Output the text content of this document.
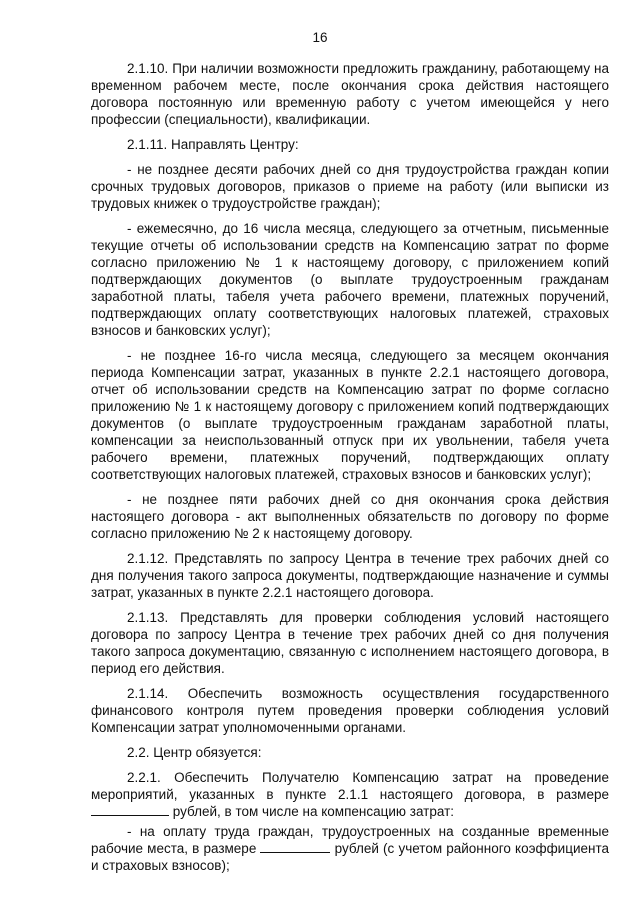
16

2.1.10. При наличии возможности предложить гражданину, работающему на временном рабочем месте, после окончания срока действия настоящего договора постоянную или временную работу с учетом имеющейся у него профессии (специальности), квалификации.

2.1.11. Направлять Центру:

- не позднее десяти рабочих дней со дня трудоустройства граждан копии срочных трудовых договоров, приказов о приеме на работу (или выписки из трудовых книжек о трудоустройстве граждан);

- ежемесячно, до 16 числа месяца, следующего за отчетным, письменные текущие отчеты об использовании средств на Компенсацию затрат по форме согласно приложению № 1 к настоящему договору, с приложением копий подтверждающих документов (о выплате трудоустроенным гражданам заработной платы, табеля учета рабочего времени, платежных поручений, подтверждающих оплату соответствующих налоговых платежей, страховых взносов и банковских услуг);

- не позднее 16-го числа месяца, следующего за месяцем окончания периода Компенсации затрат, указанных в пункте 2.2.1 настоящего договора, отчет об использовании средств на Компенсацию затрат по форме согласно приложению № 1 к настоящему договору с приложением копий подтверждающих документов (о выплате трудоустроенным гражданам заработной платы, компенсации за неиспользованный отпуск при их увольнении, табеля учета рабочего времени, платежных поручений, подтверждающих оплату соответствующих налоговых платежей, страховых взносов и банковских услуг);

- не позднее пяти рабочих дней со дня окончания срока действия настоящего договора - акт выполненных обязательств по договору по форме согласно приложению № 2 к настоящему договору.

2.1.12. Представлять по запросу Центра в течение трех рабочих дней со дня получения такого запроса документы, подтверждающие назначение и суммы затрат, указанных в пункте 2.2.1 настоящего договора.

2.1.13. Представлять для проверки соблюдения условий настоящего договора по запросу Центра в течение трех рабочих дней со дня получения такого запроса документацию, связанную с исполнением настоящего договора, в период его действия.

2.1.14. Обеспечить возможность осуществления государственного финансового контроля путем проведения проверки соблюдения условий Компенсации затрат уполномоченными органами.

2.2. Центр обязуется:

2.2.1. Обеспечить Получателю Компенсацию затрат на проведение мероприятий, указанных в пункте 2.1.1 настоящего договора, в размере  рублей, в том числе на компенсацию затрат:

- на оплату труда граждан, трудоустроенных на созданные временные рабочие места, в размере	рублей (с учетом районного коэффициента и страховых взносов);
